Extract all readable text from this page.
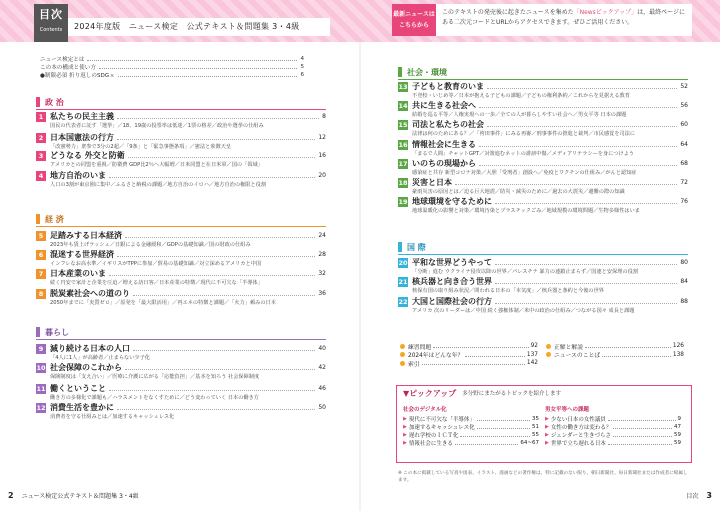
目次
Contents	2024年度版　ニュース検定　公式テキスト＆問題集 3・4級
最新ニュースは
こちらから
このテキストの発売後に起きたニュースを集めた「Newsピックアップ」は，最終ページにある二次元コードとURLからアクセスできます。ぜひご活用ください。
ニュース検定とは	4
この本の構成と使い方	5
●制限必須 折り返しのSDGｓ	6
政 治
1 私たちの民主主義	8
国民の代表者に託す「選挙」／18、19歳の投票率は低迷／1票の格差／政治や選挙の仕組み
2 日本国憲法の行方	12
「改憲勢力」衆参で3分の2超／「9条」と「緊急事態条項」／憲法と象徴天皇
3 どうなる 外交と防衛	16
アメリカとの同盟を重視／防衛費 GDP比2％へ大幅増／日米同盟と在日米軍／国の「領域」
4 地方自治のいま	20
人口の3割が東京圏に集中／ふるさと納税の課題／地方自治のイロハ／地方自治の権限と役割
経 済
5 足踏みする日本経済	24
2023年も賃上げラッシュ／日銀による金融緩和／GDPの基礎知識／国の財政の仕組み
6 混迷する世界経済	28
インフレなお高水準／イギリスがTPPに参加／貿易の基礎知識／対立深めるアメリカと中国
7 日本産業のいま	32
続く円安で家計と企業を圧迫／増える訪日客／日本産業の特徴／現代に不可欠な「半導体」
8 脱炭素社会への道のり	36
2050年までに「実質ゼロ」／原発を「最大限活用」／再エネの特徴と課題／「火力」頼みの日本
暮らし
9 減り続ける日本の人口	40
「4人に1人」が高齢者／止まらない少子化
10 社会保障のこれから	42
保険制度は「支え合い」／医療に介護に広がる「応能負担」／基本を知ろう 社会保障制度
11 働くということ	46
働き方の多様化で課題も／ハラスメントをなくすために／どう変わっていく 日本の働き方
12 消費生活を豊かに	50
消費者を守る仕組みとは／加速するキャッシュレス化
社会・環境
13 子どもと教育のいま	52
不登校・いじめ等／日本が抱える子どもの課題／子どもの権利条約／これからを見据える教育
14 共に生きる社会へ	56
結婚を巡る平等／人権実現への一歩／全ての人が暮らしやすい社会へ／男女平等 日本の課題
15 司法と私たちの社会	60
法律は何のためにある？／「袴田事件」にみる再審／刑事事件の推進と裁判／市民感覚を司法に
16 情報社会に生きる	64
「まるで人間」チャットGPT／対策進むネットの誹謗中傷／メディアリテラシーを身につけよう
17 いのちの現場から	68
感染症と共存 新型コロナ対策／大胆「受刑者」創設へ／免疫とワクチンの仕組み／がんと認知症
18 災害と日本	72
豪雨災害の原因とは／迫る巨大地震／防災・減災のために／過去の大震災／避難の際の知識
19 地球環境を守るために	76
地球温暖化の影響と対策／環境汚染とプラスチックごみ／地域規模の環境問題／生物多様性はいま
国 際
20 平和な世界どうやって	80
「分断」進む ウクライナ侵攻以降の世界／パレスチナ 暴力の連鎖止まらず／国連と安保理の役割
21 核兵器と向き合う世界	84
核保有国の取り組み状況／問われる日本の「本気度」／核兵器と条約と今後の世界
22 大国と国際社会の行方	88
アメリカ 次のリーダーは／中国 続く強権体制／米中の政治の仕組み／つながる国々 成長と課題
練習問題	92
2024年はどんな年？	137
索引	142
正解と解説	126
ニュースのことば	138
▼ピックアップ 多分野にまたがるトピックを紹介します
社会のデジタル化
▶ 現代に不可欠な「半導体」	35
▶ 加速するキャッシュレス化	51
▶ 遅れ学校のＩＣＴ化	55
▶ 情報社会に生きる	64~67
男女平等への課題
▶ 少ない日本の女性議員	9
▶ 女性の働き方は変わる？	47
▶ ジェンダーと生きづらさ	59
▶ 世界で立ち遅れる日本	59
※ この本に掲載している写真や図表、イラスト、漫画などの著作権は、特に記載のない限り、朝日新聞社、毎日新聞社または作成者に帰属します。
2 ニュース検定公式テキスト＆問題集 3・4級	目次 3
